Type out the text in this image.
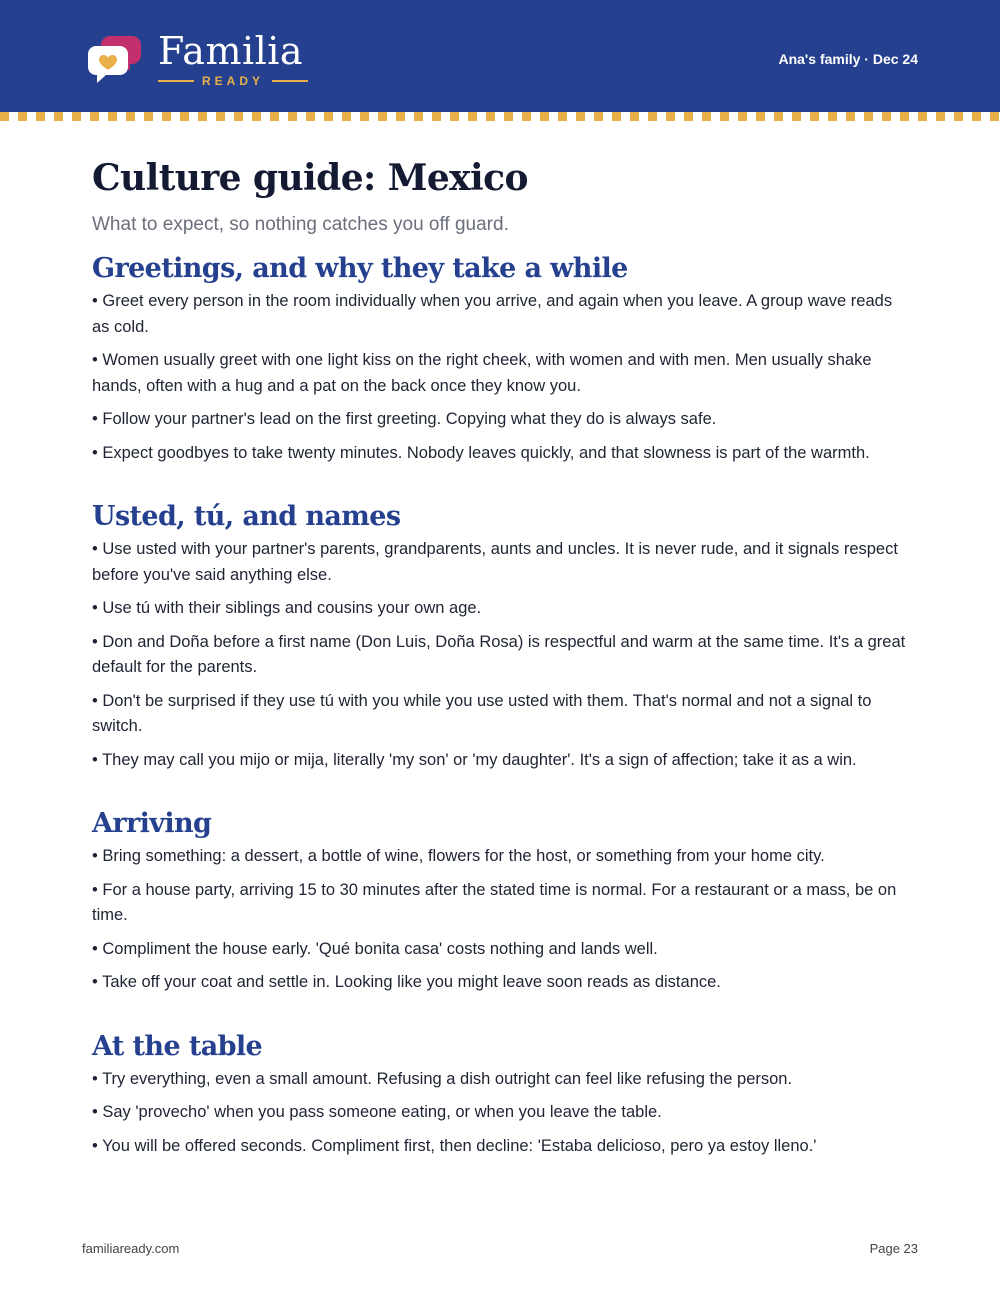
Familia
READY
Ana's family · Dec 24
Culture guide: Mexico

What to expect, so nothing catches you off guard.

Greetings, and why they take a while
• Greet every person in the room individually when you arrive, and again when you leave. A group wave reads as cold.
• Women usually greet with one light kiss on the right cheek, with women and with men. Men usually shake hands, often with a hug and a pat on the back once they know you.
• Follow your partner's lead on the first greeting. Copying what they do is always safe.
• Expect goodbyes to take twenty minutes. Nobody leaves quickly, and that slowness is part of the warmth.
Usted, tú, and names
• Use usted with your partner's parents, grandparents, aunts and uncles. It is never rude, and it signals respect before you've said anything else.
• Use tú with their siblings and cousins your own age.
• Don and Doña before a first name (Don Luis, Doña Rosa) is respectful and warm at the same time. It's a great default for the parents.
• Don't be surprised if they use tú with you while you use usted with them. That's normal and not a signal to switch.
• They may call you mijo or mija, literally 'my son' or 'my daughter'. It's a sign of affection; take it as a win.
Arriving
• Bring something: a dessert, a bottle of wine, flowers for the host, or something from your home city.
• For a house party, arriving 15 to 30 minutes after the stated time is normal. For a restaurant or a mass, be on time.
• Compliment the house early. 'Qué bonita casa' costs nothing and lands well.
• Take off your coat and settle in. Looking like you might leave soon reads as distance.
At the table
• Try everything, even a small amount. Refusing a dish outright can feel like refusing the person.
• Say 'provecho' when you pass someone eating, or when you leave the table.
• You will be offered seconds. Compliment first, then decline: 'Estaba delicioso, pero ya estoy lleno.'
familiaready.com	Page 23
